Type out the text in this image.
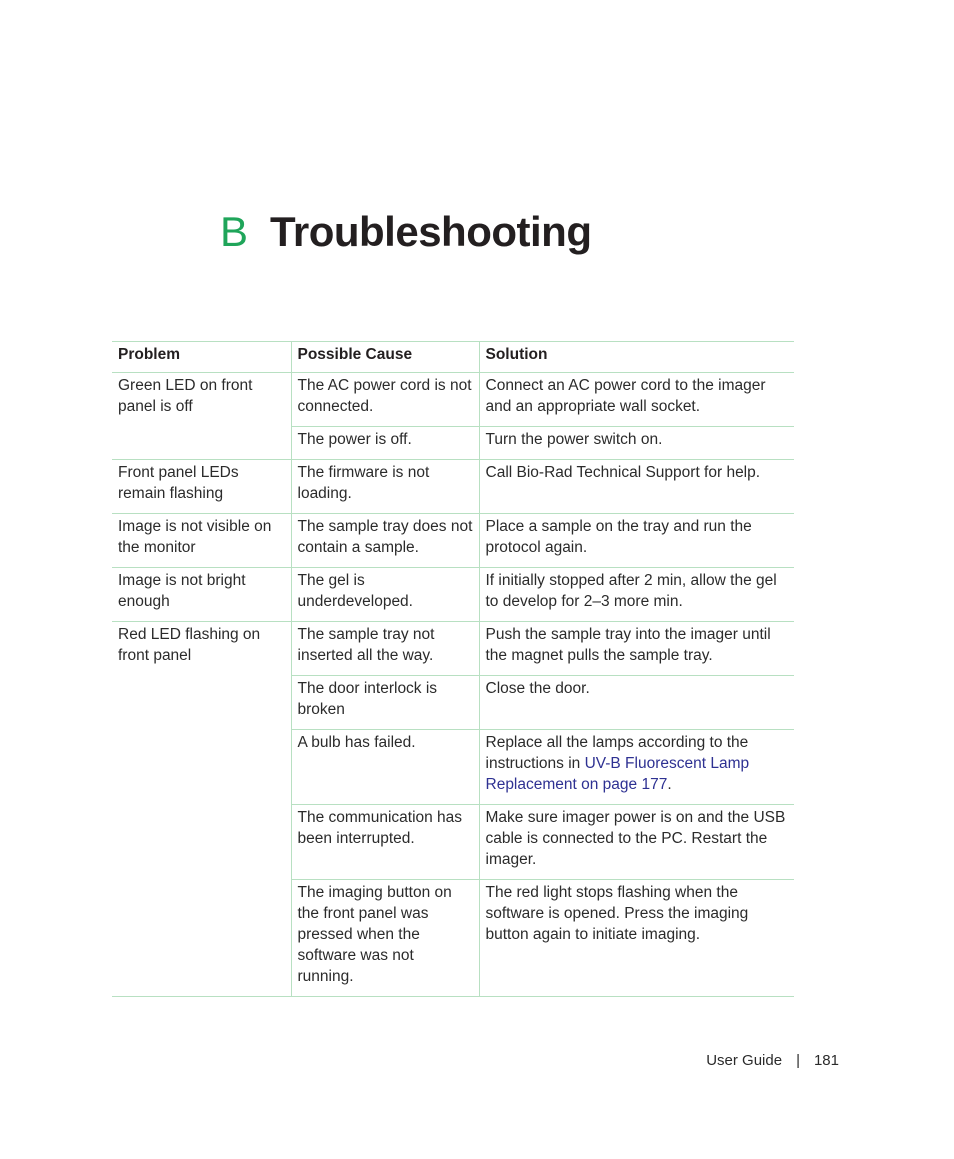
B Troubleshooting
Problem	Possible Cause	Solution
Green LED on front panel is off	The AC power cord is not connected.	Connect an AC power cord to the imager and an appropriate wall socket.
	The power is off.	Turn the power switch on.
Front panel LEDs remain flashing	The firmware is not loading.	Call Bio-Rad Technical Support for help.
Image is not visible on the monitor	The sample tray does not contain a sample.	Place a sample on the tray and run the protocol again.
Image is not bright enough	The gel is underdeveloped.	If initially stopped after 2 min, allow the gel to develop for 2–3 more min.
Red LED flashing on front panel	The sample tray not inserted all the way.	Push the sample tray into the imager until the magnet pulls the sample tray.
	The door interlock is broken	Close the door.
	A bulb has failed.	Replace all the lamps according to the instructions in UV-B Fluorescent Lamp Replacement on page 177.
	The communication has been interrupted.	Make sure imager power is on and the USB cable is connected to the PC. Restart the imager.
	The imaging button on the front panel was pressed when the software was not running.	The red light stops flashing when the software is opened. Press the imaging button again to initiate imaging.
User Guide | 181
